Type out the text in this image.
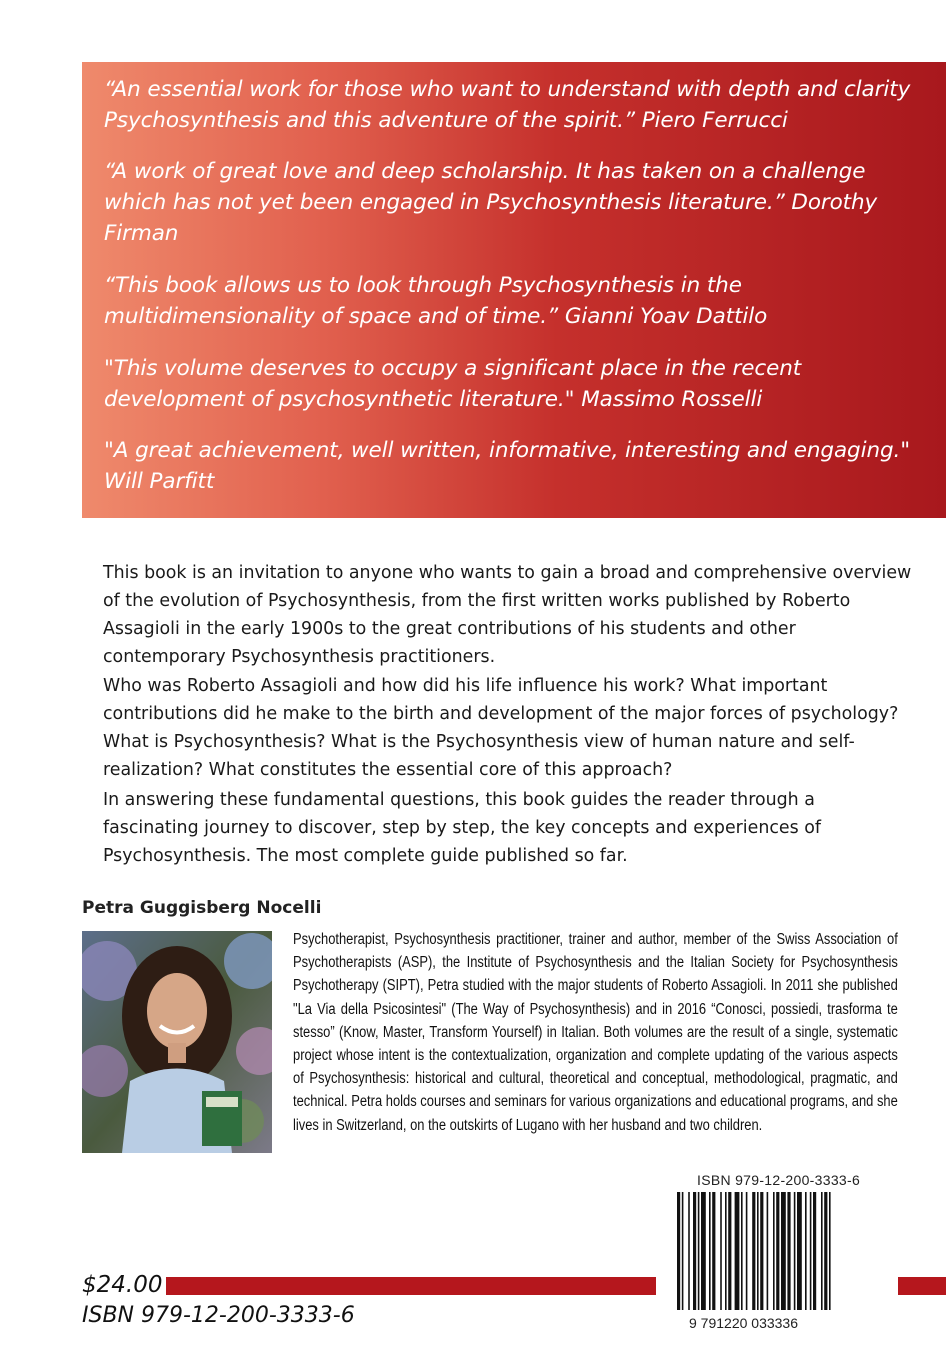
“An essential work for those who want to understand with depth and clarity Psychosynthesis and this adventure of the spirit.” Piero Ferrucci

“A work of great love and deep scholarship. It has taken on a challenge which has not yet been engaged in Psychosynthesis literature.” Dorothy Firman

“This book allows us to look through Psychosynthesis in the multidimensionality of space and of time.” Gianni Yoav Dattilo

"This volume deserves to occupy a significant place in the recent development of psychosynthetic literature." Massimo Rosselli

"A great achievement, well written, informative, interesting and engaging." Will Parfitt

This book is an invitation to anyone who wants to gain a broad and comprehensive overview of the evolution of Psychosynthesis, from the first written works published by Roberto Assagioli in the early 1900s to the great contributions of his students and other contemporary Psychosynthesis practitioners.

Who was Roberto Assagioli and how did his life influence his work? What important contributions did he make to the birth and development of the major forces of psychology? What is Psychosynthesis? What is the Psychosynthesis view of human nature and self-realization? What constitutes the essential core of this approach?

In answering these fundamental questions, this book guides the reader through a fascinating journey to discover, step by step, the key concepts and experiences of Psychosynthesis. The most complete guide published so far.

Petra Guggisberg Nocelli

Psychotherapist, Psychosynthesis practitioner, trainer and author, member of the Swiss Association of Psychotherapists (ASP), the Institute of Psychosynthesis and the Italian Society for Psychosynthesis Psychotherapy (SIPT), Petra studied with the major students of Roberto Assagioli. In 2011 she published "La Via della Psicosintesi" (The Way of Psychosynthesis) and in 2016 “Conosci, possiedi, trasforma te stesso” (Know, Master, Transform Yourself) in Italian. Both volumes are the result of a single, systematic project whose intent is the contextualization, organization and complete updating of the various aspects of Psychosynthesis: historical and cultural, theoretical and conceptual, methodological, pragmatic, and technical. Petra holds courses and seminars for various organizations and educational programs, and she lives in Switzerland, on the outskirts of Lugano with her husband and two children.

ISBN 979-12-200-3333-6
9 791220 033336
$24.00
ISBN 979-12-200-3333-6
